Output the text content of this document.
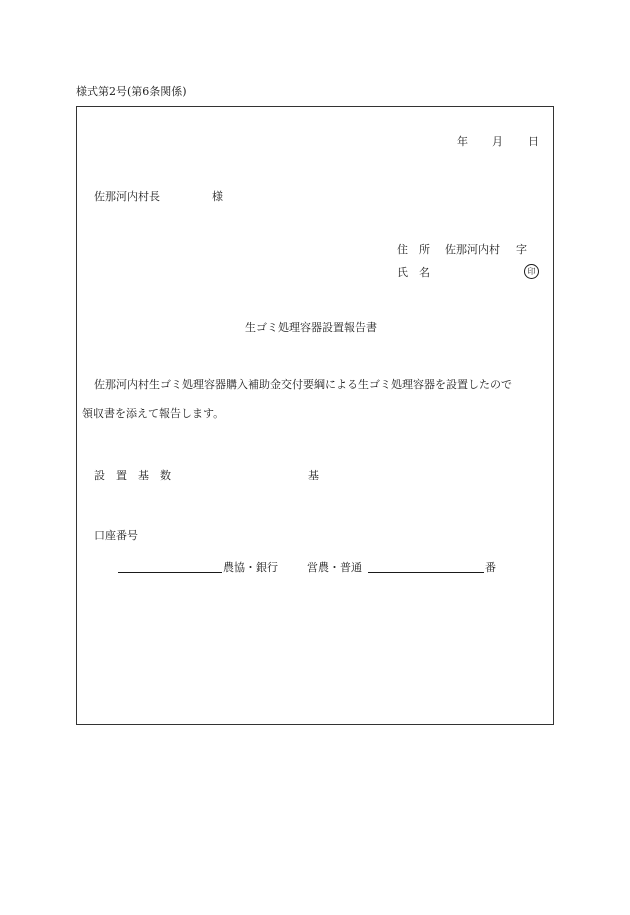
様式第2号(第6条関係)
年 月 日
佐那河内村長	様
住　所 佐那河内村 字
氏　名	印
生ゴミ処理容器設置報告書
佐那河内村生ゴミ処理容器購入補助金交付要綱による生ゴミ処理容器を設置したので
領収書を添えて報告します。
設　置　基　数	基
口座番号
農協・銀行	営農・普通	番
